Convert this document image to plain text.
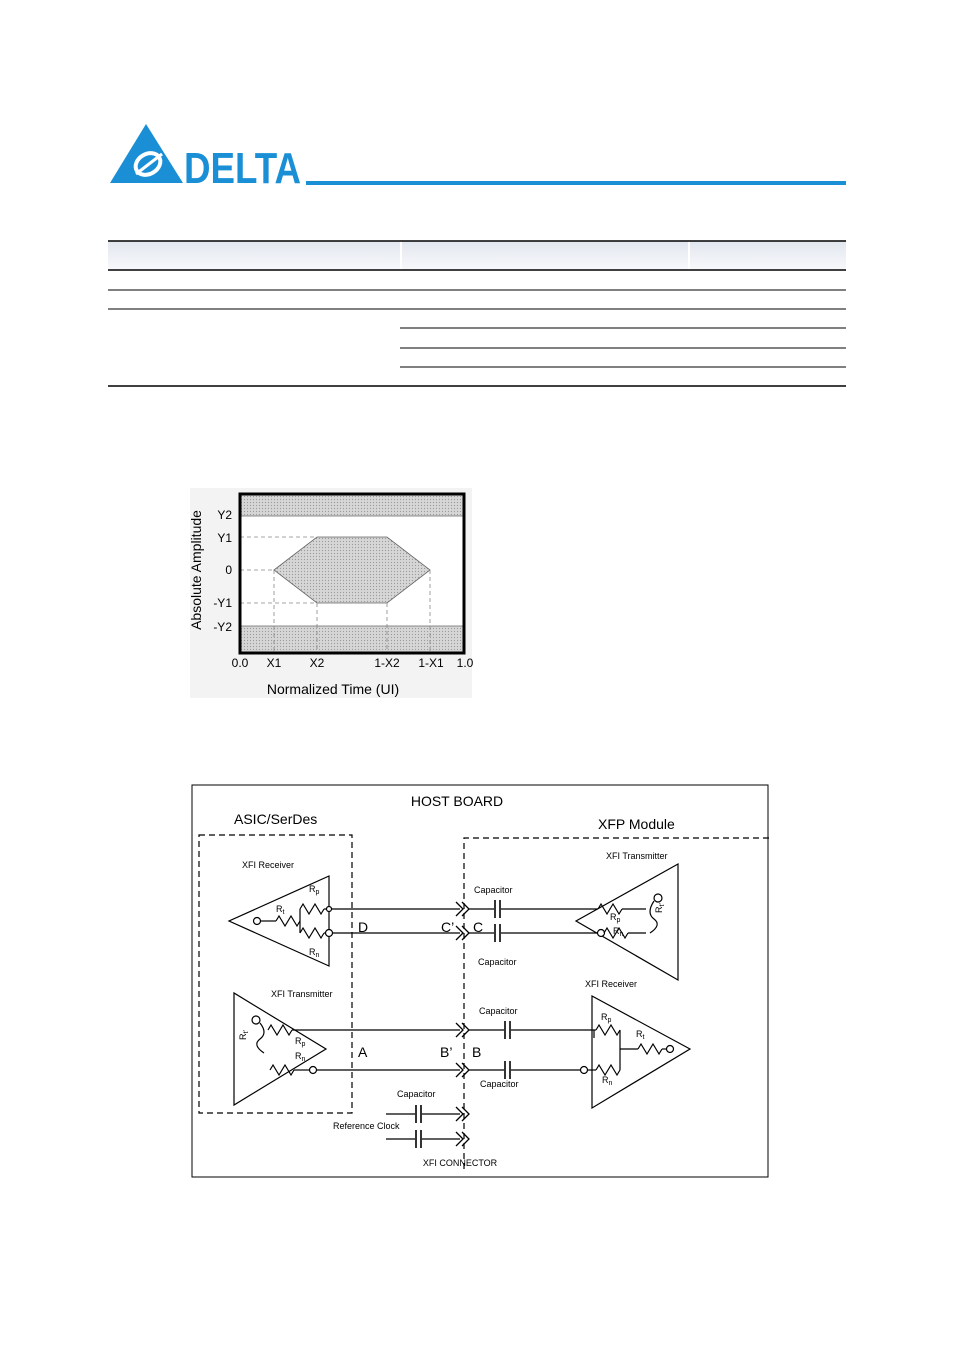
DELTA
Y2
Y1
0
-Y1
-Y2
0.0 X1 X2	1-X2 1-X1 1.0
Absolute Amplitude
Normalized Time (UI)
HOST BOARD
ASIC/SerDes	XFP Module
XFI Receiver
$R_t$
$R_p$
$R_n$
D	C’ C
Capacitor
Capacitor
XFI Transmitter
$R_p$
$R_n$
$R_{t'}$
XFI Transmitter
$R_{t'}$
$R_p$
$R_n$	A	B’ B
Capacitor
Capacitor
XFI Receiver
$R_p$
$R_t$
$R_n$
Capacitor
Reference Clock
XFI CONNECTOR
